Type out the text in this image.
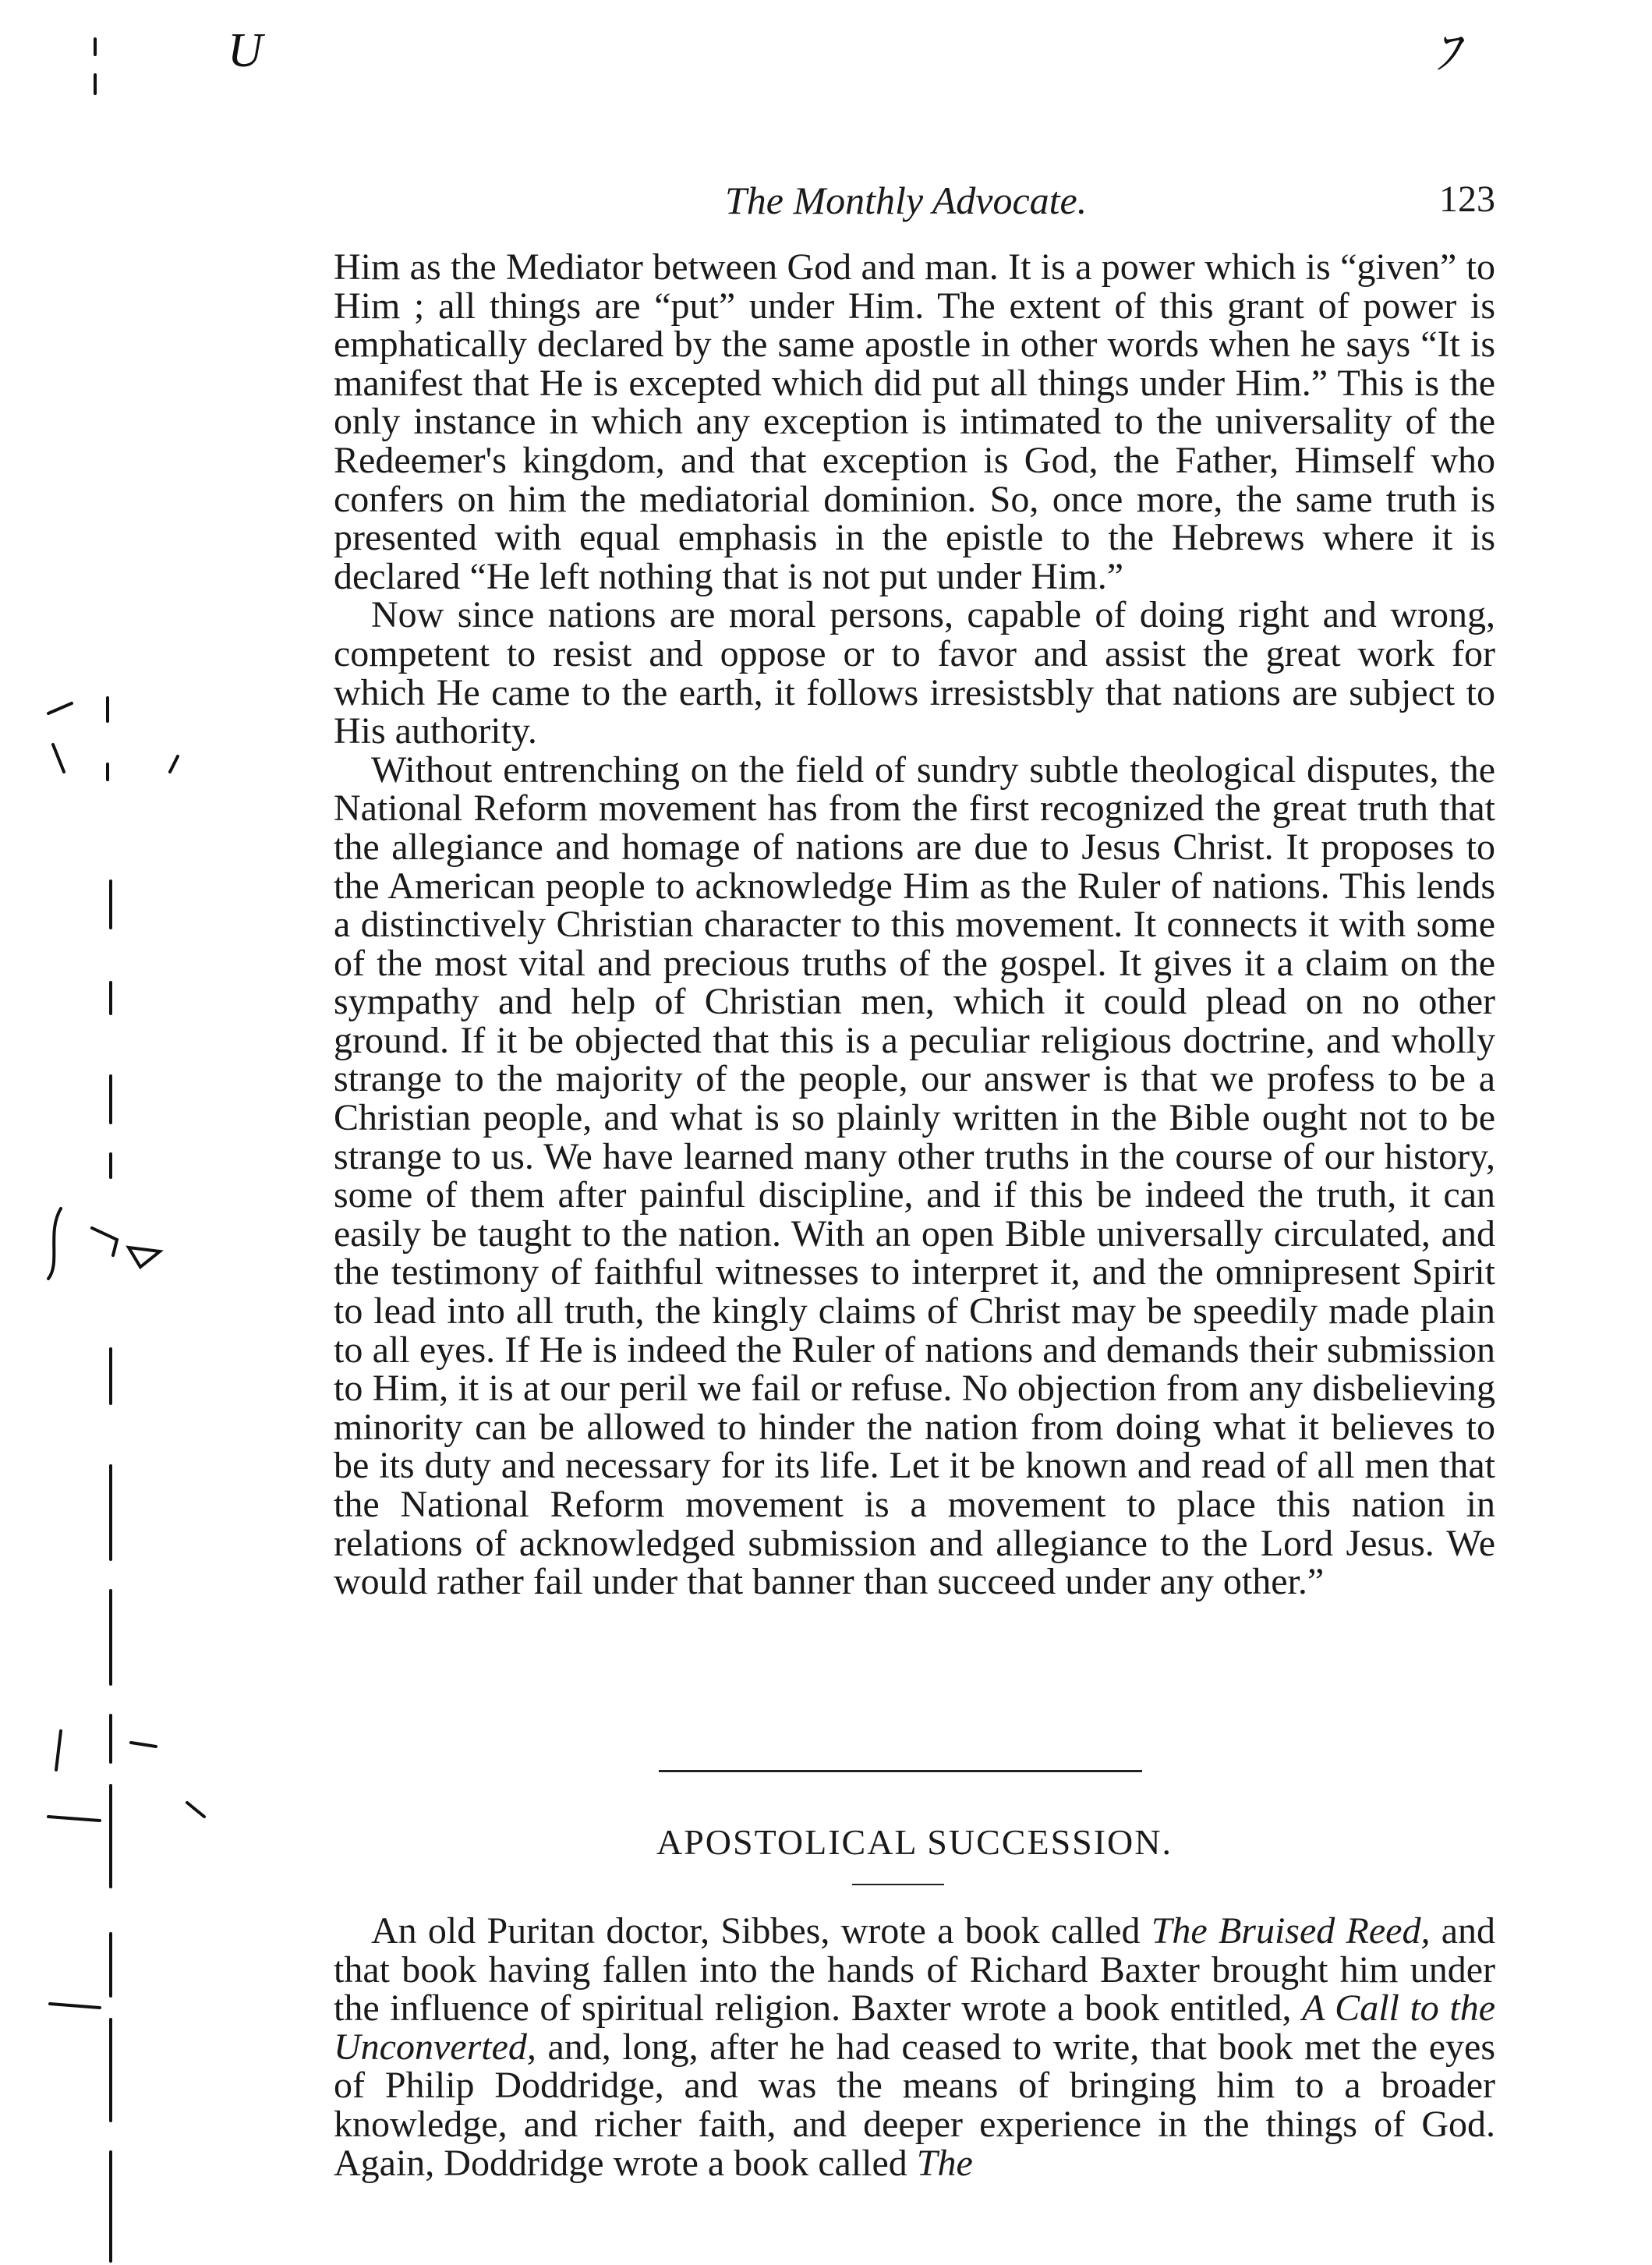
U	ﾌ
The Monthly Advocate.	123

Him as the Mediator between God and man. It is a power which is “given” to Him ; all things are “put” under Him. The extent of this grant of power is emphatically declared by the same apostle in other words when he says “It is manifest that He is excepted which did put all things under Him.” This is the only instance in which any exception is intimated to the universality of the Redeemer's kingdom, and that exception is God, the Father, Himself who confers on him the mediatorial dominion. So, once more, the same truth is presented with equal emphasis in the epistle to the Hebrews where it is declared “He left nothing that is not put under Him.”

Now since nations are moral persons, capable of doing right and wrong, competent to resist and oppose or to favor and assist the great work for which He came to the earth, it follows irresistsbly that nations are subject to His authority.

Without entrenching on the field of sundry subtle theological disputes, the National Reform movement has from the first recognized the great truth that the allegiance and homage of nations are due to Jesus Christ. It proposes to the American people to acknowledge Him as the Ruler of nations. This lends a distinctively Christian character to this movement. It connects it with some of the most vital and precious truths of the gospel. It gives it a claim on the sympathy and help of Christian men, which it could plead on no other ground. If it be objected that this is a peculiar religious doctrine, and wholly strange to the majority of the people, our answer is that we profess to be a Christian people, and what is so plainly written in the Bible ought not to be strange to us. We have learned many other truths in the course of our history, some of them after painful discipline, and if this be indeed the truth, it can easily be taught to the nation. With an open Bible universally circulated, and the testimony of faithful witnesses to interpret it, and the omnipresent Spirit to lead into all truth, the kingly claims of Christ may be speedily made plain to all eyes. If He is indeed the Ruler of nations and demands their submission to Him, it is at our peril we fail or refuse. No objection from any disbelieving minority can be allowed to hinder the nation from doing what it believes to be its duty and necessary for its life. Let it be known and read of all men that the National Reform movement is a movement to place this nation in relations of acknowledged submission and allegiance to the Lord Jesus. We would rather fail under that banner than succeed under any other.”

APOSTOLICAL SUCCESSION.

An old Puritan doctor, Sibbes, wrote a book called The Bruised Reed, and that book having fallen into the hands of Richard Baxter brought him under the influence of spiritual religion. Baxter wrote a book entitled, A Call to the Unconverted, and, long, after he had ceased to write, that book met the eyes of Philip Doddridge, and was the means of bringing him to a broader knowledge, and richer faith, and deeper experience in the things of God. Again, Doddridge wrote a book called The
